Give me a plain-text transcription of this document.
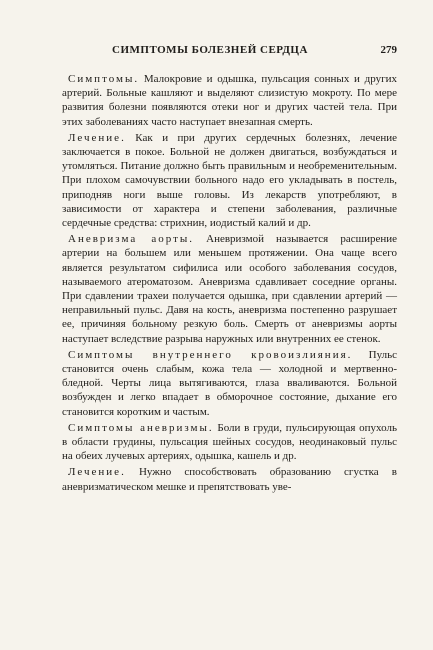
СИМПТОМЫ БОЛЕЗНЕЙ СЕРДЦА	279

Симптомы. Малокровие и одышка, пульсация сонных и других артерий. Больные кашляют и выделяют слизистую мокроту. По мере развития болезни появляются отеки ног и других частей тела. При этих заболеваниях часто наступает внезапная смерть.

Лечение. Как и при других сердечных болезнях, лечение заключается в покое. Больной не должен двигаться, возбуждаться и утомляться. Питание должно быть правильным и необременительным. При плохом самочувствии больного надо его укладывать в постель, приподняв ноги выше головы. Из лекарств употребляют, в зависимости от характера и степени заболевания, различные сердечные средства: стрихнин, иодистый калий и др.

Аневризма аорты. Аневризмой называется расширение артерии на большем или меньшем протяжении. Она чаще всего является результатом сифилиса или особого заболевания сосудов, называемого атероматозом. Аневризма сдавливает соседние органы. При сдавлении трахеи получается одышка, при сдавлении артерий — неправильный пульс. Давя на кость, аневризма постепенно разрушает ее, причиняя больному резкую боль. Смерть от аневризмы аорты наступает вследствие разрыва наружных или внутренних ее стенок.

Симптомы внутреннего кровоизлияния. Пульс становится очень слабым, кожа тела — холодной и мертвенно-бледной. Черты лица вытягиваются, глаза вваливаются. Больной возбужден и легко впадает в обморочное состояние, дыхание его становится коротким и частым.

Симптомы аневризмы. Боли в груди, пульсирующая опухоль в области грудины, пульсация шейных сосудов, неодинаковый пульс на обеих лучевых артериях, одышка, кашель и др.

Лечение. Нужно способствовать образованию сгустка в аневризматическом мешке и препятствовать уве-
